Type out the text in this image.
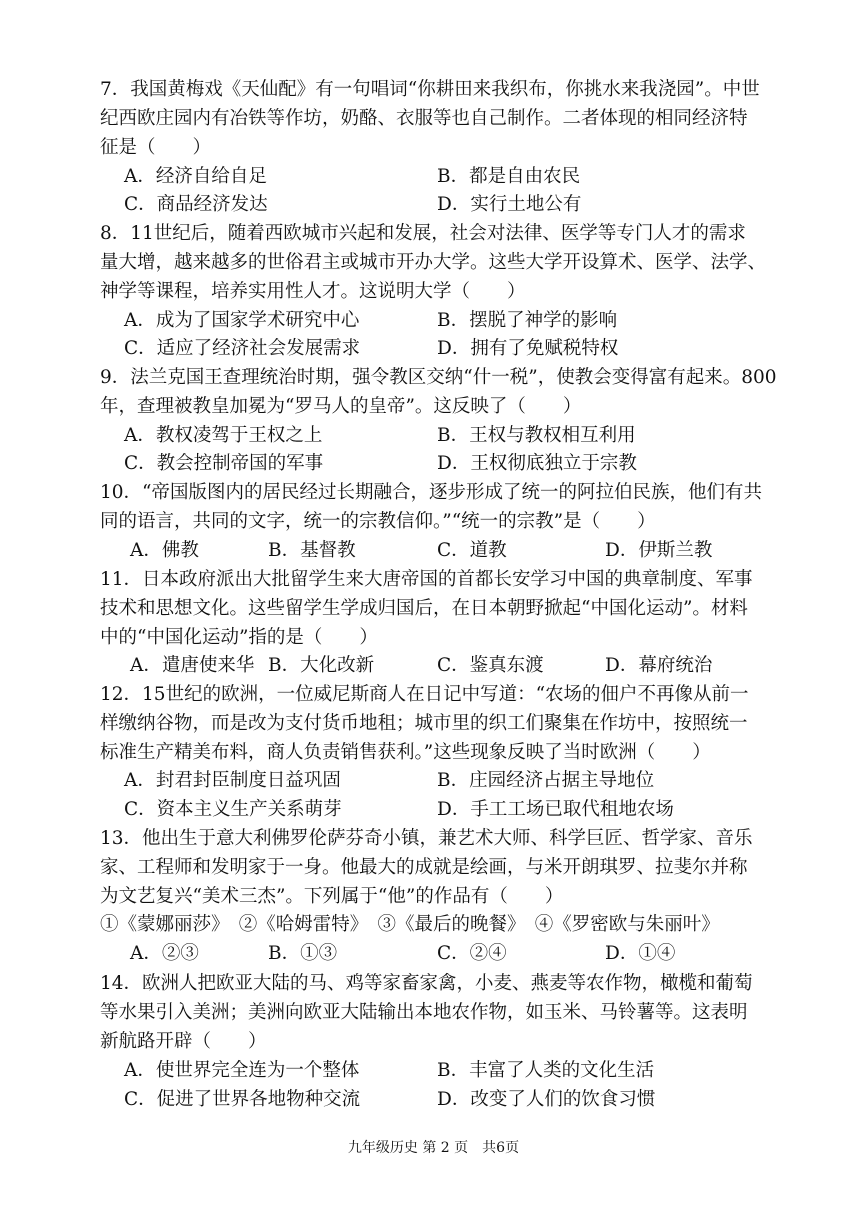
7．我国黄梅戏《天仙配》有一句唱词“你耕田来我织布，你挑水来我浇园”。中世
纪西欧庄园内有冶铁等作坊，奶酪、衣服等也自己制作。二者体现的相同经济特
征是（　　）
A．经济自给自足	B．都是自由农民
C．商品经济发达	D．实行土地公有
8．11世纪后，随着西欧城市兴起和发展，社会对法律、医学等专门人才的需求
量大增，越来越多的世俗君主或城市开办大学。这些大学开设算术、医学、法学、
神学等课程，培养实用性人才。这说明大学（　　）
A．成为了国家学术研究中心	B．摆脱了神学的影响
C．适应了经济社会发展需求	D．拥有了免赋税特权
9．法兰克国王查理统治时期，强令教区交纳“什一税”，使教会变得富有起来。800
年，查理被教皇加冕为“罗马人的皇帝”。这反映了（　　）
A．教权凌驾于王权之上	B．王权与教权相互利用
C．教会控制帝国的军事	D．王权彻底独立于宗教
10．“帝国版图内的居民经过长期融合，逐步形成了统一的阿拉伯民族，他们有共
同的语言，共同的文字，统一的宗教信仰。”“统一的宗教”是（　　）
A．佛教	B．基督教	C．道教	D．伊斯兰教
11．日本政府派出大批留学生来大唐帝国的首都长安学习中国的典章制度、军事
技术和思想文化。这些留学生学成归国后，在日本朝野掀起“中国化运动”。材料
中的“中国化运动”指的是（　　）
A．遣唐使来华 B．大化改新	C．鉴真东渡	D．幕府统治
12．15世纪的欧洲，一位威尼斯商人在日记中写道：“农场的佃户不再像从前一
样缴纳谷物，而是改为支付货币地租；城市里的织工们聚集在作坊中，按照统一
标准生产精美布料，商人负责销售获利。”这些现象反映了当时欧洲（　　）
A．封君封臣制度日益巩固	B．庄园经济占据主导地位
C．资本主义生产关系萌芽	D．手工工场已取代租地农场
13．他出生于意大利佛罗伦萨芬奇小镇，兼艺术大师、科学巨匠、哲学家、音乐
家、工程师和发明家于一身。他最大的成就是绘画，与米开朗琪罗、拉斐尔并称
为文艺复兴“美术三杰”。下列属于“他”的作品有（　　）
①《蒙娜丽莎》　②《哈姆雷特》　③《最后的晚餐》　④《罗密欧与朱丽叶》
A．②③	B．①③	C．②④	D．①④
14．欧洲人把欧亚大陆的马、鸡等家畜家禽，小麦、燕麦等农作物，橄榄和葡萄
等水果引入美洲；美洲向欧亚大陆输出本地农作物，如玉米、马铃薯等。这表明
新航路开辟（　　）
A．使世界完全连为一个整体	B．丰富了人类的文化生活
C．促进了世界各地物种交流	D．改变了人们的饮食习惯
九年级历史 第 2 页　共6页
